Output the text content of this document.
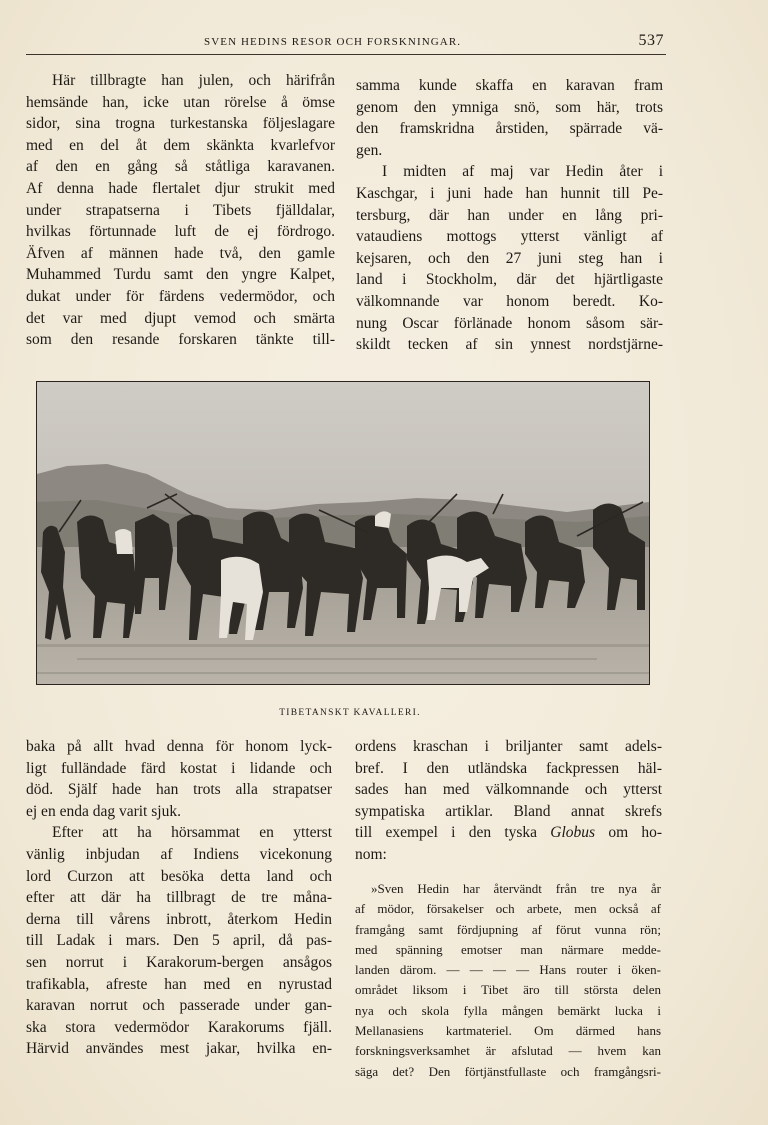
SVEN HEDINS RESOR OCH FORSKNINGAR.	537
Här tillbragte han julen, och härifrån
hemsände han, icke utan rörelse å ömse
sidor, sina trogna turkestanska följeslagare
med en del åt dem skänkta kvarlefvor
af den en gång så ståtliga karavanen.
Af denna hade flertalet djur strukit med
under strapatserna i Tibets fjälldalar,
hvilkas förtunnade luft de ej fördrogo.
Äfven af männen hade två, den gamle
Muhammed Turdu samt den yngre Kalpet,
dukat under för färdens vedermödor, och
det var med djupt vemod och smärta
som den resande forskaren tänkte till-
samma kunde skaffa en karavan fram
genom den ymniga snö, som här, trots
den framskridna årstiden, spärrade vä-
gen.
I midten af maj var Hedin åter i
Kaschgar, i juni hade han hunnit till Pe-
tersburg, där han under en lång pri-
vataudiens mottogs ytterst vänligt af
kejsaren, och den 27 juni steg han i
land i Stockholm, där det hjärtligaste
välkomnande var honom beredt. Ko-
nung Oscar förlänade honom såsom sär-
skildt tecken af sin ynnest nordstjärne-
TIBETANSKT KAVALLERI.
baka på allt hvad denna för honom lyck-
ligt fulländade färd kostat i lidande och
död. Själf hade han trots alla strapatser
ej en enda dag varit sjuk.
Efter att ha hörsammat en ytterst
vänlig inbjudan af Indiens vicekonung
lord Curzon att besöka detta land och
efter att där ha tillbragt de tre måna-
derna till vårens inbrott, återkom Hedin
till Ladak i mars. Den 5 april, då pas-
sen norrut i Karakorum-bergen ansågos
trafikabla, afreste han med en nyrustad
karavan norrut och passerade under gan-
ska stora vedermödor Karakorums fjäll.
Härvid användes mest jakar, hvilka en-
ordens kraschan i briljanter samt adels-
bref. I den utländska fackpressen häl-
sades han med välkomnande och ytterst
sympatiska artiklar. Bland annat skrefs
till exempel i den tyska Globus om ho-
nom:
»Sven Hedin har återvändt från tre nya år
af mödor, försakelser och arbete, men också af
framgång samt fördjupning af förut vunna rön;
med spänning emotser man närmare medde-
landen därom. — — — — Hans router i öken-
området liksom i Tibet äro till största delen
nya och skola fylla mången bemärkt lucka i
Mellanasiens kartmateriel. Om därmed hans
forskningsverksamhet är afslutad — hvem kan
säga det? Den förtjänstfullaste och framgångsri-
